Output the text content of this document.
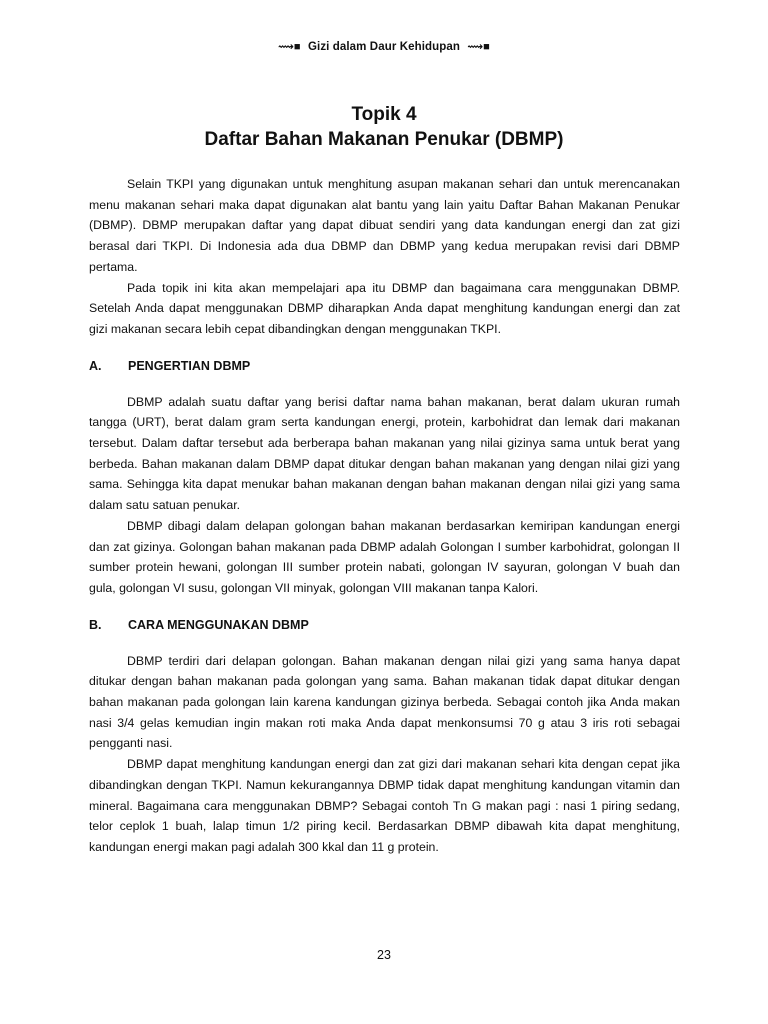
⟿■ Gizi dalam Daur Kehidupan ⟿■
Topik 4
Daftar Bahan Makanan Penukar (DBMP)

Selain TKPI yang digunakan untuk menghitung asupan makanan sehari dan untuk merencanakan menu makanan sehari maka dapat digunakan alat bantu yang lain yaitu Daftar Bahan Makanan Penukar (DBMP). DBMP merupakan daftar yang dapat dibuat sendiri yang data kandungan energi dan zat gizi berasal dari TKPI. Di Indonesia ada dua DBMP dan DBMP yang kedua merupakan revisi dari DBMP pertama.

Pada topik ini kita akan mempelajari apa itu DBMP dan bagaimana cara menggunakan DBMP. Setelah Anda dapat menggunakan DBMP diharapkan Anda dapat menghitung kandungan energi dan zat gizi makanan secara lebih cepat dibandingkan dengan menggunakan TKPI.

A.	PENGERTIAN DBMP

DBMP adalah suatu daftar yang berisi daftar nama bahan makanan, berat dalam ukuran rumah tangga (URT), berat dalam gram serta kandungan energi, protein, karbohidrat dan lemak dari makanan tersebut. Dalam daftar tersebut ada berberapa bahan makanan yang nilai gizinya sama untuk berat yang berbeda. Bahan makanan dalam DBMP dapat ditukar dengan bahan makanan yang dengan nilai gizi yang sama. Sehingga kita dapat menukar bahan makanan dengan bahan makanan dengan nilai gizi yang sama dalam satu satuan penukar.

DBMP dibagi dalam delapan golongan bahan makanan berdasarkan kemiripan kandungan energi dan zat gizinya. Golongan bahan makanan pada DBMP adalah Golongan I sumber karbohidrat, golongan II sumber protein hewani, golongan III sumber protein nabati, golongan IV sayuran, golongan V buah dan gula, golongan VI susu, golongan VII minyak, golongan VIII makanan tanpa Kalori.

B.	CARA MENGGUNAKAN DBMP

DBMP terdiri dari delapan golongan. Bahan makanan dengan nilai gizi yang sama hanya dapat ditukar dengan bahan makanan pada golongan yang sama. Bahan makanan tidak dapat ditukar dengan bahan makanan pada golongan lain karena kandungan gizinya berbeda. Sebagai contoh jika Anda makan nasi 3/4 gelas kemudian ingin makan roti maka Anda dapat menkonsumsi 70 g atau 3 iris roti sebagai pengganti nasi.

DBMP dapat menghitung kandungan energi dan zat gizi dari makanan sehari kita dengan cepat jika dibandingkan dengan TKPI. Namun kekurangannya DBMP tidak dapat menghitung kandungan vitamin dan mineral. Bagaimana cara menggunakan DBMP? Sebagai contoh Tn G makan pagi : nasi 1 piring sedang, telor ceplok 1 buah, lalap timun 1/2 piring kecil. Berdasarkan DBMP dibawah kita dapat menghitung, kandungan energi makan pagi adalah 300 kkal dan 11 g protein.

23
